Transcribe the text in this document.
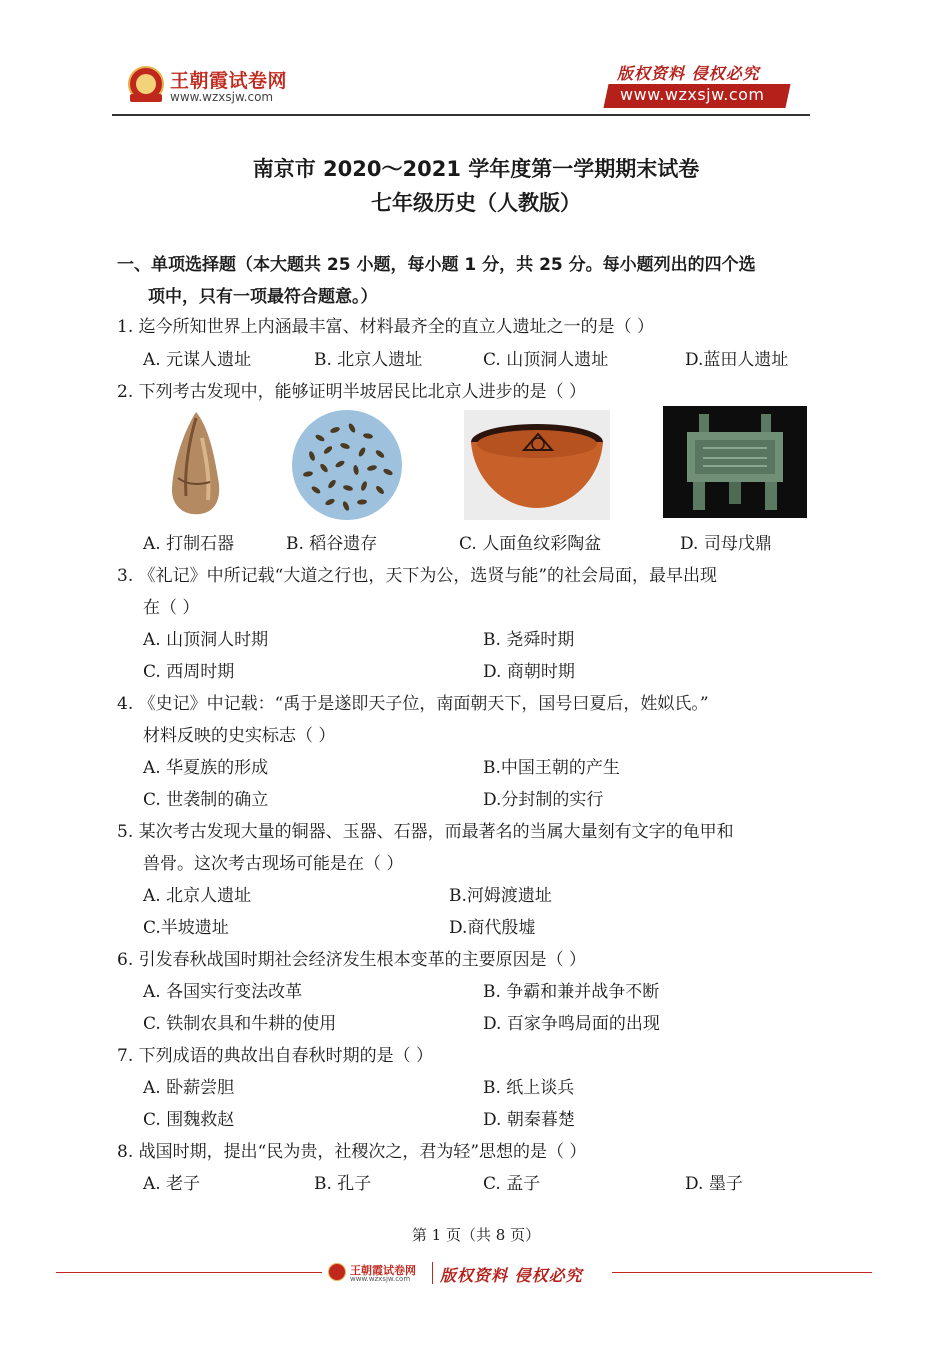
王朝霞试卷网
www.wzxsjw.com
版权资料 侵权必究
www.wzxsjw.com
南京市 2020～2021 学年度第一学期期末试卷
七年级历史（人教版）
一、单项选择题（本大题共 25 小题，每小题 1 分，共 25 分。每小题列出的四个选
项中，只有一项最符合题意。）
1. 迄今所知世界上内涵最丰富、材料最齐全的直立人遗址之一的是（ ）
A. 元谋人遗址	B. 北京人遗址	C. 山顶洞人遗址	D.蓝田人遗址
2. 下列考古发现中，能够证明半坡居民比北京人进步的是（ ）
A. 打制石器	B. 稻谷遗存	C. 人面鱼纹彩陶盆	D. 司母戊鼎
3. 《礼记》中所记载“大道之行也，天下为公，选贤与能”的社会局面，最早出现
在（ ）
A. 山顶洞人时期	B. 尧舜时期
C. 西周时期	D. 商朝时期
4. 《史记》中记载：“禹于是遂即天子位，南面朝天下，国号曰夏后，姓姒氏。”
材料反映的史实标志（ ）
A. 华夏族的形成	B.中国王朝的产生
C. 世袭制的确立	D.分封制的实行
5. 某次考古发现大量的铜器、玉器、石器，而最著名的当属大量刻有文字的龟甲和
兽骨。这次考古现场可能是在（ ）
A. 北京人遗址	B.河姆渡遗址
C.半坡遗址	D.商代殷墟
6. 引发春秋战国时期社会经济发生根本变革的主要原因是（ ）
A. 各国实行变法改革	B. 争霸和兼并战争不断
C. 铁制农具和牛耕的使用	D. 百家争鸣局面的出现
7. 下列成语的典故出自春秋时期的是（ ）
A. 卧薪尝胆	B. 纸上谈兵
C. 围魏救赵	D. 朝秦暮楚
8. 战国时期，提出“民为贵，社稷次之，君为轻”思想的是（ ）
A. 老子	B. 孔子	C. 孟子	D. 墨子
第 1 页（共 8 页）
王朝霞试卷网
www.wzxsjw.com 版权资料 侵权必究
